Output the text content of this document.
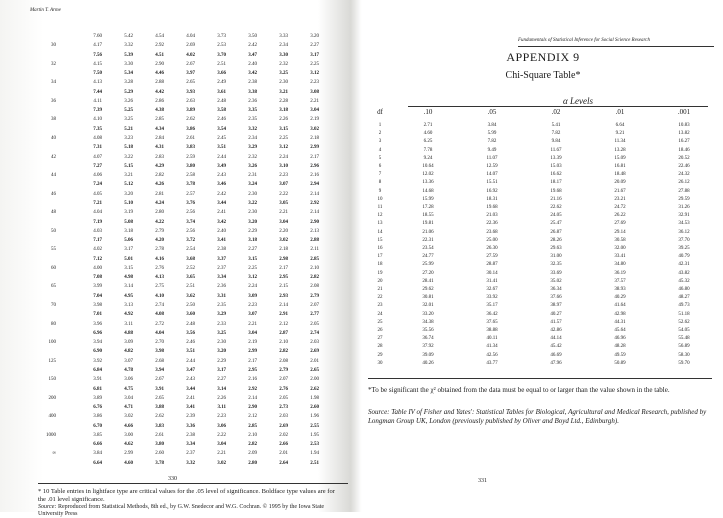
Martin T. Arme
7.60	5.42	4.54	4.04	3.73	3.50	3.33	3.20
30	4.17	3.32	2.92	2.69	2.53	2.42	2.34	2.27
7.56	5.39	4.51	4.02	3.70	3.47	3.30	3.17
32	4.15	3.30	2.90	2.67	2.51	2.40	2.32	2.25
7.50	5.34	4.46	3.97	3.66	3.42	3.25	3.12
34	4.13	3.28	2.88	2.65	2.49	2.38	2.30	2.23
7.44	5.29	4.42	3.93	3.61	3.38	3.21	3.08
36	4.11	3.26	2.86	2.63	2.48	2.36	2.28	2.21
7.39	5.25	4.38	3.89	3.58	3.35	3.18	3.04
38	4.10	3.25	2.85	2.62	2.46	2.35	2.26	2.19
7.35	5.21	4.34	3.86	3.54	3.32	3.15	3.02
40	4.08	3.23	2.84	2.61	2.45	2.34	2.25	2.18
7.31	5.18	4.31	3.83	3.51	3.29	3.12	2.99
42	4.07	3.22	2.83	2.59	2.44	2.32	2.24	2.17
7.27	5.15	4.29	3.80	3.49	3.26	3.10	2.96
44	4.06	3.21	2.82	2.58	2.43	2.31	2.23	2.16
7.24	5.12	4.26	3.78	3.46	3.24	3.07	2.94
46	4.05	3.20	2.81	2.57	2.42	2.30	2.22	2.14
7.21	5.10	4.24	3.76	3.44	3.22	3.05	2.92
48	4.04	3.19	2.80	2.56	2.41	2.30	2.21	2.14
7.19	5.08	4.22	3.74	3.42	3.20	3.04	2.90
50	4.03	3.18	2.79	2.56	2.40	2.29	2.20	2.13
7.17	5.06	4.20	3.72	3.41	3.18	3.02	2.88
55	4.02	3.17	2.78	2.54	2.38	2.27	2.18	2.11
7.12	5.01	4.16	3.68	3.37	3.15	2.98	2.85
60	4.00	3.15	2.76	2.52	2.37	2.25	2.17	2.10
7.08	4.98	4.13	3.65	3.34	3.12	2.95	2.82
65	3.99	3.14	2.75	2.51	2.36	2.24	2.15	2.08
7.04	4.95	4.10	3.62	3.31	3.09	2.93	2.79
70	3.98	3.13	2.74	2.50	2.35	2.23	2.14	2.07
7.01	4.92	4.08	3.60	3.29	3.07	2.91	2.77
80	3.96	3.11	2.72	2.48	2.33	2.21	2.12	2.05
6.96	4.88	4.04	3.56	3.25	3.04	2.87	2.74
100	3.94	3.09	2.70	2.46	2.30	2.19	2.10	2.03
6.90	4.82	3.98	3.51	3.20	2.99	2.82	2.69
125	3.92	3.07	2.68	2.44	2.29	2.17	2.08	2.01
6.84	4.78	3.94	3.47	3.17	2.95	2.79	2.65
150	3.91	3.06	2.67	2.43	2.27	2.16	2.07	2.00
6.81	4.75	3.91	3.44	3.14	2.92	2.76	2.62
200	3.89	3.04	2.65	2.41	2.26	2.14	2.05	1.98
6.76	4.71	3.88	3.41	3.11	2.90	2.73	2.60
400	3.86	3.02	2.62	2.39	2.23	2.12	2.03	1.96
6.70	4.66	3.83	3.36	3.06	2.85	2.69	2.55
1000	3.85	3.00	2.61	2.38	2.22	2.10	2.02	1.95
6.66	4.62	3.80	3.34	3.04	2.82	2.66	2.53
∞	3.84	2.99	2.60	2.37	2.21	2.09	2.01	1.94
6.64	4.60	3.78	3.32	3.02	2.80	2.64	2.51
* 10 Table entries in lightface type are critical values for the .05 level of significance. Boldface type values are for the .01 level significance.
Source: Reproduced from Statistical Methods, 8th ed., by G.W. Snedecor and W.G. Cochran. © 1995 by the Iowa State University Press
Fundamentals of Statistical Inference for Social Science Research
APPENDIX 9
Chi-Square Table*
α Levels
df	.10	.05	.02	.01	.001
1	2.71	3.84	5.41	6.64	10.83
2	4.60	5.99	7.82	9.21	13.82
3	6.25	7.82	9.84	11.34	16.27
4	7.78	9.49	11.67	13.28	18.46
5	9.24	11.07	13.39	15.09	20.52
6	10.64	12.59	15.03	16.81	22.46
7	12.02	14.07	16.62	18.48	24.32
8	13.36	15.51	18.17	20.09	26.12
9	14.68	16.92	19.68	21.67	27.88
10	15.99	18.31	21.16	23.21	29.59
11	17.28	19.68	22.62	24.72	31.26
12	18.55	21.03	24.05	26.22	32.91
13	19.81	22.36	25.47	27.69	34.53
14	21.06	23.68	26.87	29.14	36.12
15	22.31	25.00	28.26	30.58	37.70
16	23.54	26.30	29.63	32.00	39.25
17	24.77	27.59	31.00	33.41	40.79
18	25.99	28.87	32.35	34.80	42.31
19	27.20	30.14	33.69	36.19	43.82
20	28.41	31.41	35.02	37.57	45.32
21	29.62	32.67	36.34	38.93	46.80
22	30.81	33.92	37.66	40.29	48.27
23	32.01	35.17	38.97	41.64	49.73
24	33.20	36.42	40.27	42.98	51.18
25	34.38	37.65	41.57	44.31	52.62
26	35.56	38.88	42.86	45.64	54.05
27	36.74	40.11	44.14	46.96	55.48
28	37.92	41.34	45.42	48.28	56.89
29	39.09	42.56	46.69	49.59	58.30
30	40.26	43.77	47.96	50.89	59.70
*To be significant the χ² obtained from the data must be equal to or larger than the value shown in the table.
Source: Table IV of Fisher and Yates': Statistical Tables for Biological, Agricultural and Medical Research, published by Longman Group UK, London (previously published by Oliver and Boyd Ltd., Edinburgh).
331
330
